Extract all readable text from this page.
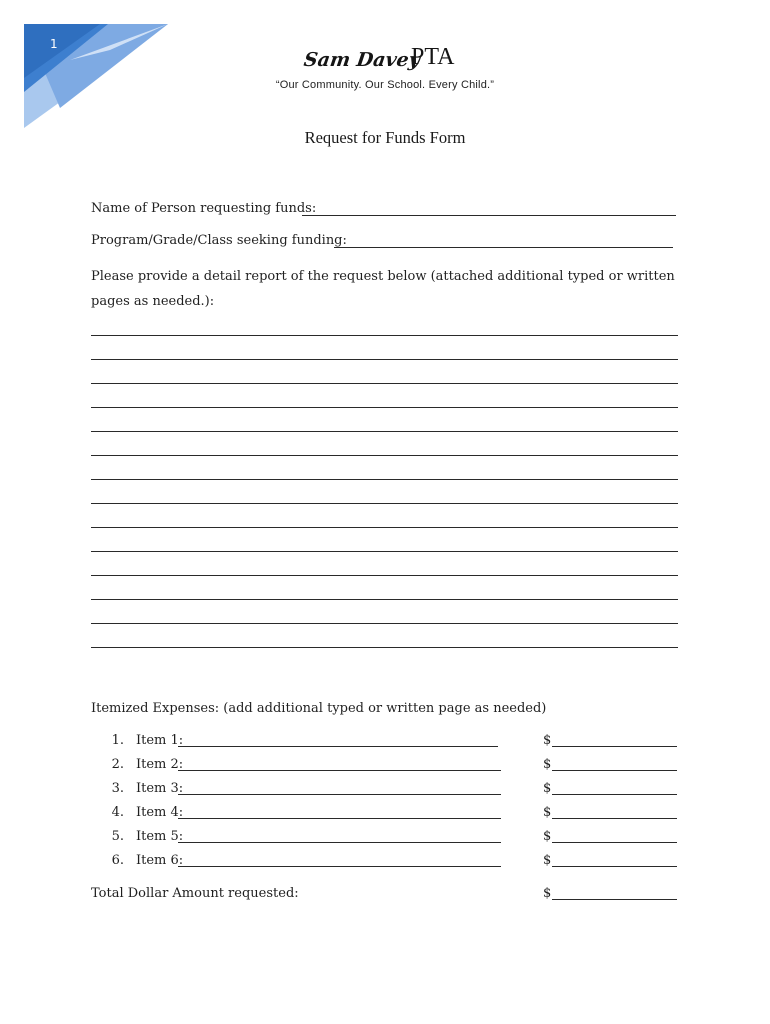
1
Sam Davey
PTA
“Our Community. Our School. Every Child.”
Request for Funds Form
Name of Person requesting funds:
Program/Grade/Class seeking funding:
Please provide a detail report of the request below (attached additional typed or written pages as needed.):
Itemized Expenses: (add additional typed or written page as needed)
1. Item 1:	$
2. Item 2:	$
3. Item 3:	$
4. Item 4:	$
5. Item 5:	$
6. Item 6:	$
Total Dollar Amount requested:	$
